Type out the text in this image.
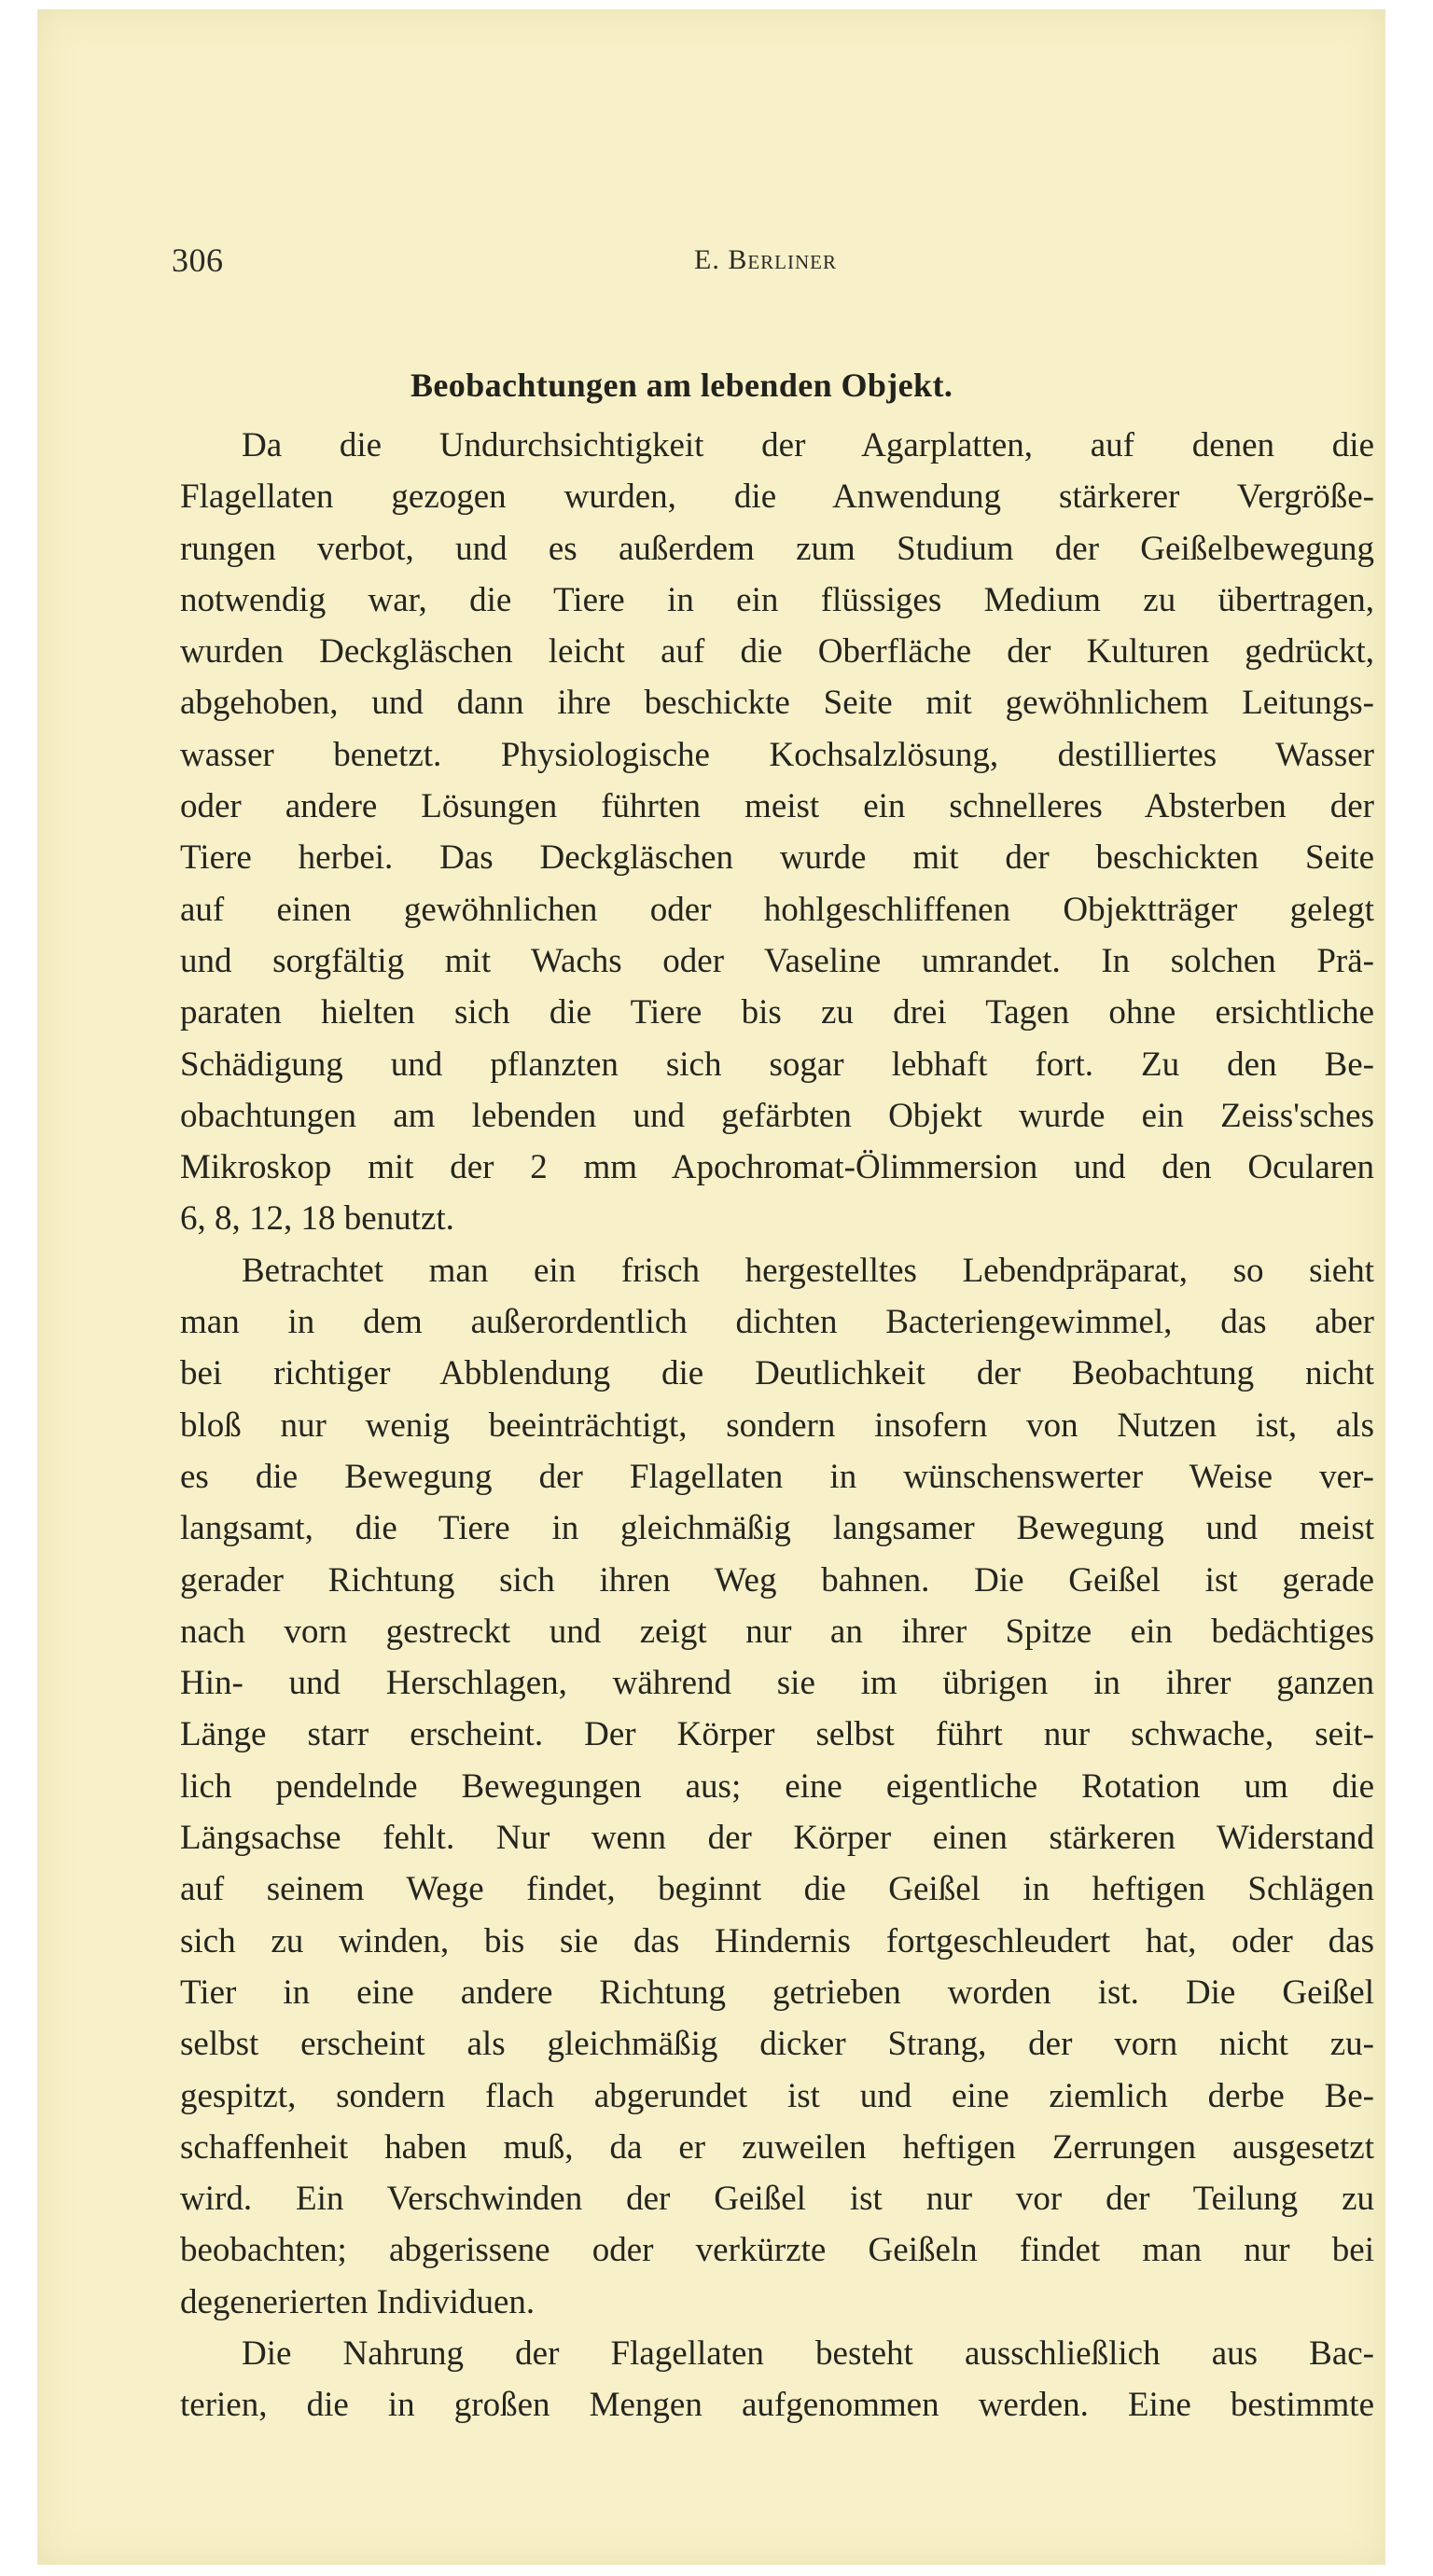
306	E. Berliner
Beobachtungen am lebenden Objekt.
Da die Undurchsichtigkeit der Agarplatten, auf denen die
Flagellaten gezogen wurden, die Anwendung stärkerer Vergröße-
rungen verbot, und es außerdem zum Studium der Geißelbewegung
notwendig war, die Tiere in ein flüssiges Medium zu übertragen,
wurden Deckgläschen leicht auf die Oberfläche der Kulturen gedrückt,
abgehoben, und dann ihre beschickte Seite mit gewöhnlichem Leitungs-
wasser benetzt. Physiologische Kochsalzlösung, destilliertes Wasser
oder andere Lösungen führten meist ein schnelleres Absterben der
Tiere herbei. Das Deckgläschen wurde mit der beschickten Seite
auf einen gewöhnlichen oder hohlgeschliffenen Objektträger gelegt
und sorgfältig mit Wachs oder Vaseline umrandet. In solchen Prä-
paraten hielten sich die Tiere bis zu drei Tagen ohne ersichtliche
Schädigung und pflanzten sich sogar lebhaft fort. Zu den Be-
obachtungen am lebenden und gefärbten Objekt wurde ein Zeiss'sches
Mikroskop mit der 2 mm Apochromat-Ölimmersion und den Ocularen
6, 8, 12, 18 benutzt.
Betrachtet man ein frisch hergestelltes Lebendpräparat, so sieht
man in dem außerordentlich dichten Bacteriengewimmel, das aber
bei richtiger Abblendung die Deutlichkeit der Beobachtung nicht
bloß nur wenig beeinträchtigt, sondern insofern von Nutzen ist, als
es die Bewegung der Flagellaten in wünschenswerter Weise ver-
langsamt, die Tiere in gleichmäßig langsamer Bewegung und meist
gerader Richtung sich ihren Weg bahnen. Die Geißel ist gerade
nach vorn gestreckt und zeigt nur an ihrer Spitze ein bedächtiges
Hin- und Herschlagen, während sie im übrigen in ihrer ganzen
Länge starr erscheint. Der Körper selbst führt nur schwache, seit-
lich pendelnde Bewegungen aus; eine eigentliche Rotation um die
Längsachse fehlt. Nur wenn der Körper einen stärkeren Widerstand
auf seinem Wege findet, beginnt die Geißel in heftigen Schlägen
sich zu winden, bis sie das Hindernis fortgeschleudert hat, oder das
Tier in eine andere Richtung getrieben worden ist. Die Geißel
selbst erscheint als gleichmäßig dicker Strang, der vorn nicht zu-
gespitzt, sondern flach abgerundet ist und eine ziemlich derbe Be-
schaffenheit haben muß, da er zuweilen heftigen Zerrungen ausgesetzt
wird. Ein Verschwinden der Geißel ist nur vor der Teilung zu
beobachten; abgerissene oder verkürzte Geißeln findet man nur bei
degenerierten Individuen.
Die Nahrung der Flagellaten besteht ausschließlich aus Bac-
terien, die in großen Mengen aufgenommen werden. Eine bestimmte
